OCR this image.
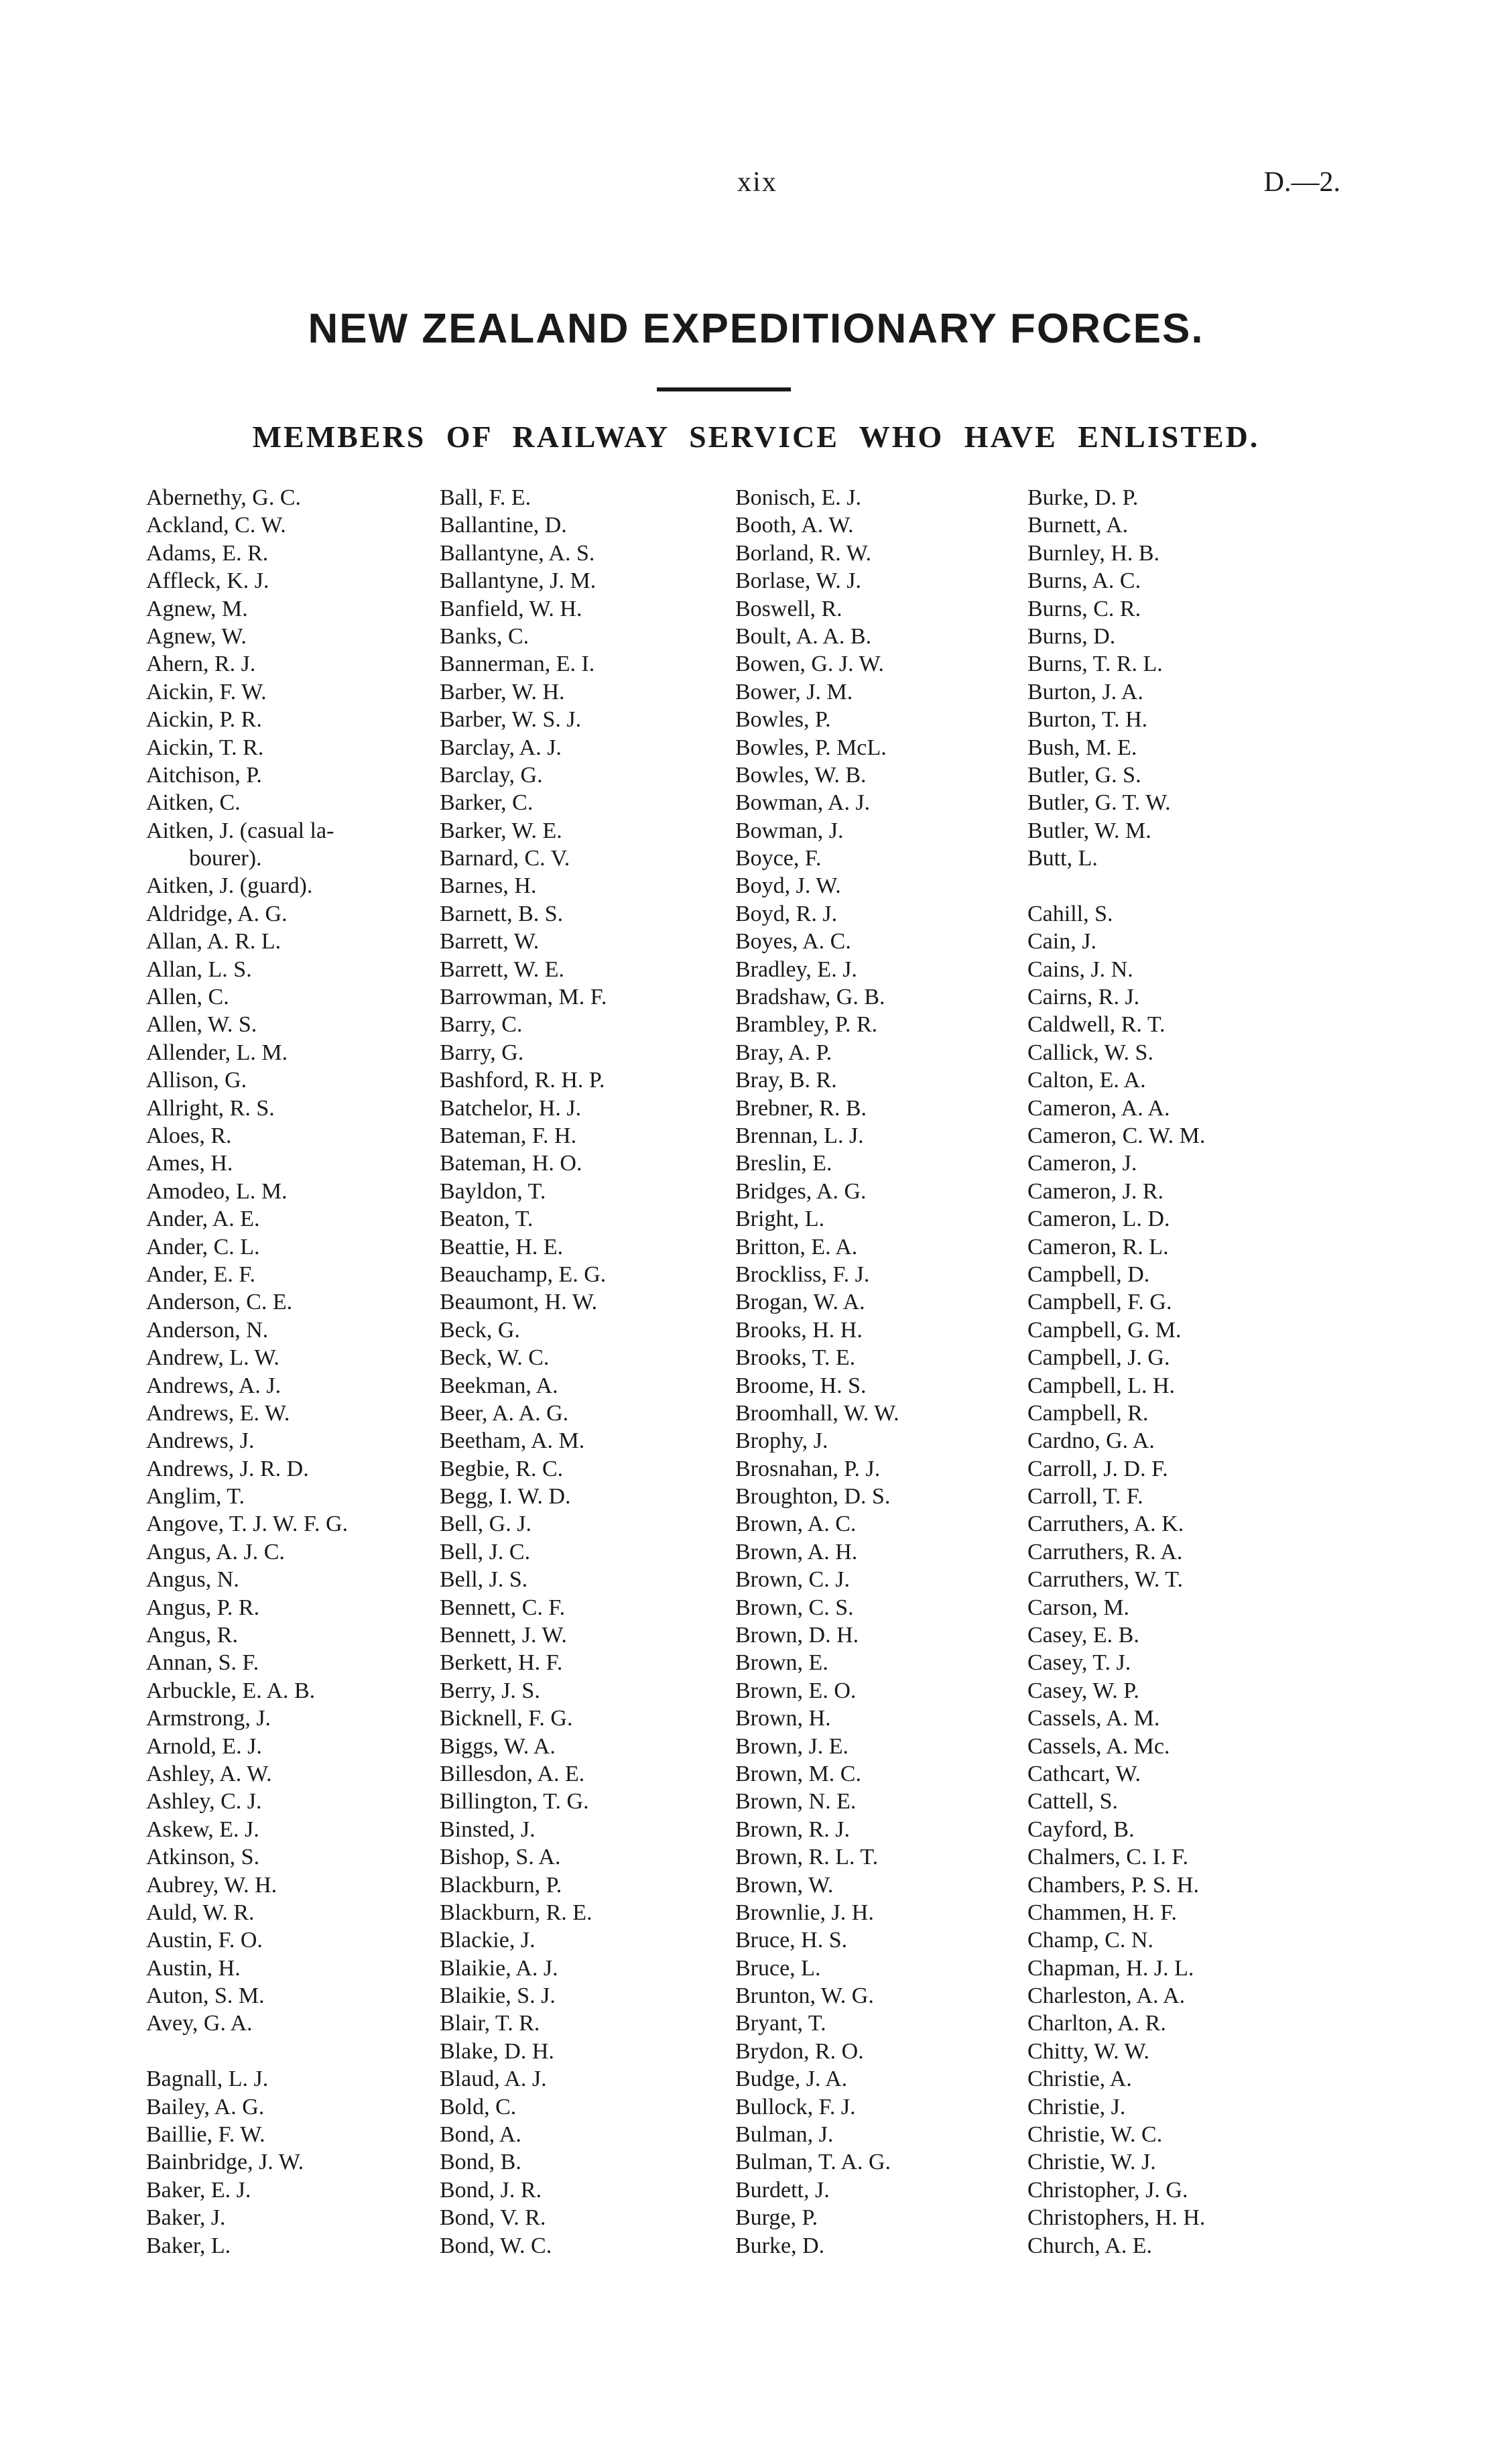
xix	D.—2.
NEW ZEALAND EXPEDITIONARY FORCES.
MEMBERS OF RAILWAY SERVICE WHO HAVE ENLISTED.
Abernethy, G. C.
Ackland, C. W.
Adams, E. R.
Affleck, K. J.
Agnew, M.
Agnew, W.
Ahern, R. J.
Aickin, F. W.
Aickin, P. R.
Aickin, T. R.
Aitchison, P.
Aitken, C.
Aitken, J. (casual la-
bourer).
Aitken, J. (guard).
Aldridge, A. G.
Allan, A. R. L.
Allan, L. S.
Allen, C.
Allen, W. S.
Allender, L. M.
Allison, G.
Allright, R. S.
Aloes, R.
Ames, H.
Amodeo, L. M.
Ander, A. E.
Ander, C. L.
Ander, E. F.
Anderson, C. E.
Anderson, N.
Andrew, L. W.
Andrews, A. J.
Andrews, E. W.
Andrews, J.
Andrews, J. R. D.
Anglim, T.
Angove, T. J. W. F. G.
Angus, A. J. C.
Angus, N.
Angus, P. R.
Angus, R.
Annan, S. F.
Arbuckle, E. A. B.
Armstrong, J.
Arnold, E. J.
Ashley, A. W.
Ashley, C. J.
Askew, E. J.
Atkinson, S.
Aubrey, W. H.
Auld, W. R.
Austin, F. O.
Austin, H.
Auton, S. M.
Avey, G. A.
Bagnall, L. J.
Bailey, A. G.
Baillie, F. W.
Bainbridge, J. W.
Baker, E. J.
Baker, J.
Baker, L.
Ball, F. E.
Ballantine, D.
Ballantyne, A. S.
Ballantyne, J. M.
Banfield, W. H.
Banks, C.
Bannerman, E. I.
Barber, W. H.
Barber, W. S. J.
Barclay, A. J.
Barclay, G.
Barker, C.
Barker, W. E.
Barnard, C. V.
Barnes, H.
Barnett, B. S.
Barrett, W.
Barrett, W. E.
Barrowman, M. F.
Barry, C.
Barry, G.
Bashford, R. H. P.
Batchelor, H. J.
Bateman, F. H.
Bateman, H. O.
Bayldon, T.
Beaton, T.
Beattie, H. E.
Beauchamp, E. G.
Beaumont, H. W.
Beck, G.
Beck, W. C.
Beekman, A.
Beer, A. A. G.
Beetham, A. M.
Begbie, R. C.
Begg, I. W. D.
Bell, G. J.
Bell, J. C.
Bell, J. S.
Bennett, C. F.
Bennett, J. W.
Berkett, H. F.
Berry, J. S.
Bicknell, F. G.
Biggs, W. A.
Billesdon, A. E.
Billington, T. G.
Binsted, J.
Bishop, S. A.
Blackburn, P.
Blackburn, R. E.
Blackie, J.
Blaikie, A. J.
Blaikie, S. J.
Blair, T. R.
Blake, D. H.
Blaud, A. J.
Bold, C.
Bond, A.
Bond, B.
Bond, J. R.
Bond, V. R.
Bond, W. C.
Bonisch, E. J.
Booth, A. W.
Borland, R. W.
Borlase, W. J.
Boswell, R.
Boult, A. A. B.
Bowen, G. J. W.
Bower, J. M.
Bowles, P.
Bowles, P. McL.
Bowles, W. B.
Bowman, A. J.
Bowman, J.
Boyce, F.
Boyd, J. W.
Boyd, R. J.
Boyes, A. C.
Bradley, E. J.
Bradshaw, G. B.
Brambley, P. R.
Bray, A. P.
Bray, B. R.
Brebner, R. B.
Brennan, L. J.
Breslin, E.
Bridges, A. G.
Bright, L.
Britton, E. A.
Brockliss, F. J.
Brogan, W. A.
Brooks, H. H.
Brooks, T. E.
Broome, H. S.
Broomhall, W. W.
Brophy, J.
Brosnahan, P. J.
Broughton, D. S.
Brown, A. C.
Brown, A. H.
Brown, C. J.
Brown, C. S.
Brown, D. H.
Brown, E.
Brown, E. O.
Brown, H.
Brown, J. E.
Brown, M. C.
Brown, N. E.
Brown, R. J.
Brown, R. L. T.
Brown, W.
Brownlie, J. H.
Bruce, H. S.
Bruce, L.
Brunton, W. G.
Bryant, T.
Brydon, R. O.
Budge, J. A.
Bullock, F. J.
Bulman, J.
Bulman, T. A. G.
Burdett, J.
Burge, P.
Burke, D.
Burke, D. P.
Burnett, A.
Burnley, H. B.
Burns, A. C.
Burns, C. R.
Burns, D.
Burns, T. R. L.
Burton, J. A.
Burton, T. H.
Bush, M. E.
Butler, G. S.
Butler, G. T. W.
Butler, W. M.
Butt, L.
Cahill, S.
Cain, J.
Cains, J. N.
Cairns, R. J.
Caldwell, R. T.
Callick, W. S.
Calton, E. A.
Cameron, A. A.
Cameron, C. W. M.
Cameron, J.
Cameron, J. R.
Cameron, L. D.
Cameron, R. L.
Campbell, D.
Campbell, F. G.
Campbell, G. M.
Campbell, J. G.
Campbell, L. H.
Campbell, R.
Cardno, G. A.
Carroll, J. D. F.
Carroll, T. F.
Carruthers, A. K.
Carruthers, R. A.
Carruthers, W. T.
Carson, M.
Casey, E. B.
Casey, T. J.
Casey, W. P.
Cassels, A. M.
Cassels, A. Mc.
Cathcart, W.
Cattell, S.
Cayford, B.
Chalmers, C. I. F.
Chambers, P. S. H.
Chammen, H. F.
Champ, C. N.
Chapman, H. J. L.
Charleston, A. A.
Charlton, A. R.
Chitty, W. W.
Christie, A.
Christie, J.
Christie, W. C.
Christie, W. J.
Christopher, J. G.
Christophers, H. H.
Church, A. E.
